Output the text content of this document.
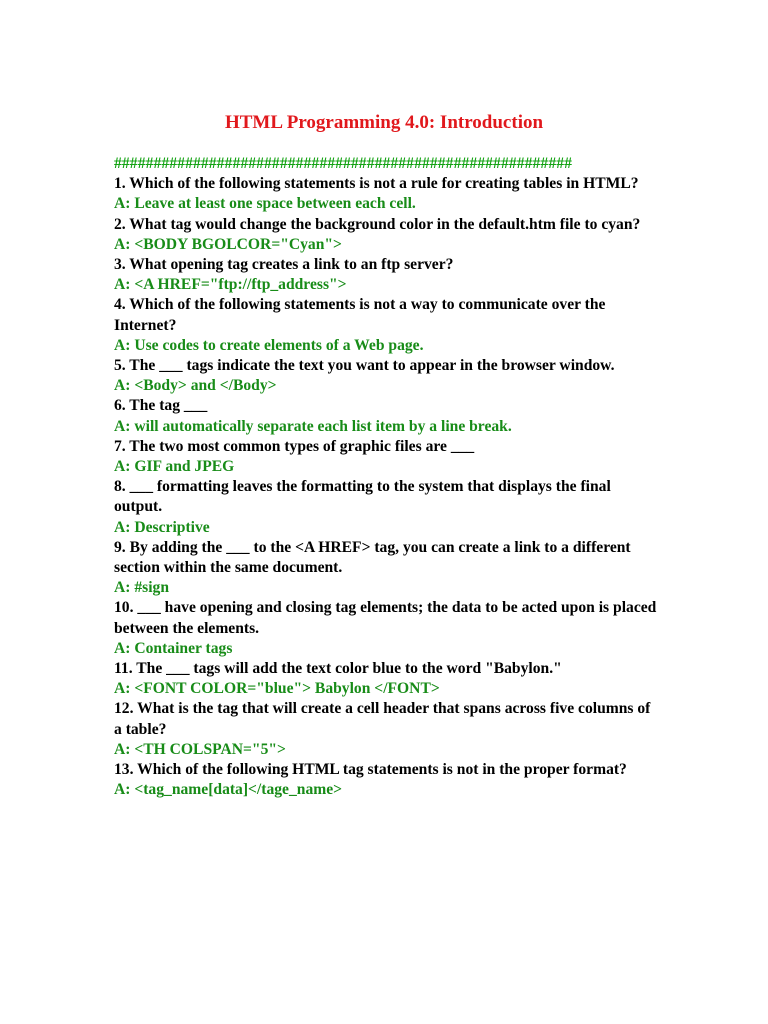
HTML Programming 4.0: Introduction
##########################################################
1. Which of the following statements is not a rule for creating tables in HTML?
A: Leave at least one space between each cell.
2. What tag would change the background color in the default.htm file to cyan?
A: <BODY BGOLCOR="Cyan">
3. What opening tag creates a link to an ftp server?
A: <A HREF="ftp://ftp_address">
4. Which of the following statements is not a way to communicate over the Internet?
A: Use codes to create elements of a Web page.
5. The ___ tags indicate the text you want to appear in the browser window.
A: <Body> and </Body>
6. The tag ___
A: will automatically separate each list item by a line break.
7. The two most common types of graphic files are ___
A: GIF and JPEG
8. ___ formatting leaves the formatting to the system that displays the final output.
A: Descriptive
9. By adding the ___ to the <A HREF> tag, you can create a link to a different section within the same document.
A: #sign
10. ___ have opening and closing tag elements; the data to be acted upon is placed between the elements.
A: Container tags
11. The ___ tags will add the text color blue to the word "Babylon."
A: <FONT COLOR="blue"> Babylon </FONT>
12. What is the tag that will create a cell header that spans across five columns of a table?
A: <TH COLSPAN="5">
13. Which of the following HTML tag statements is not in the proper format?
A: <tag_name[data]</tage_name>
